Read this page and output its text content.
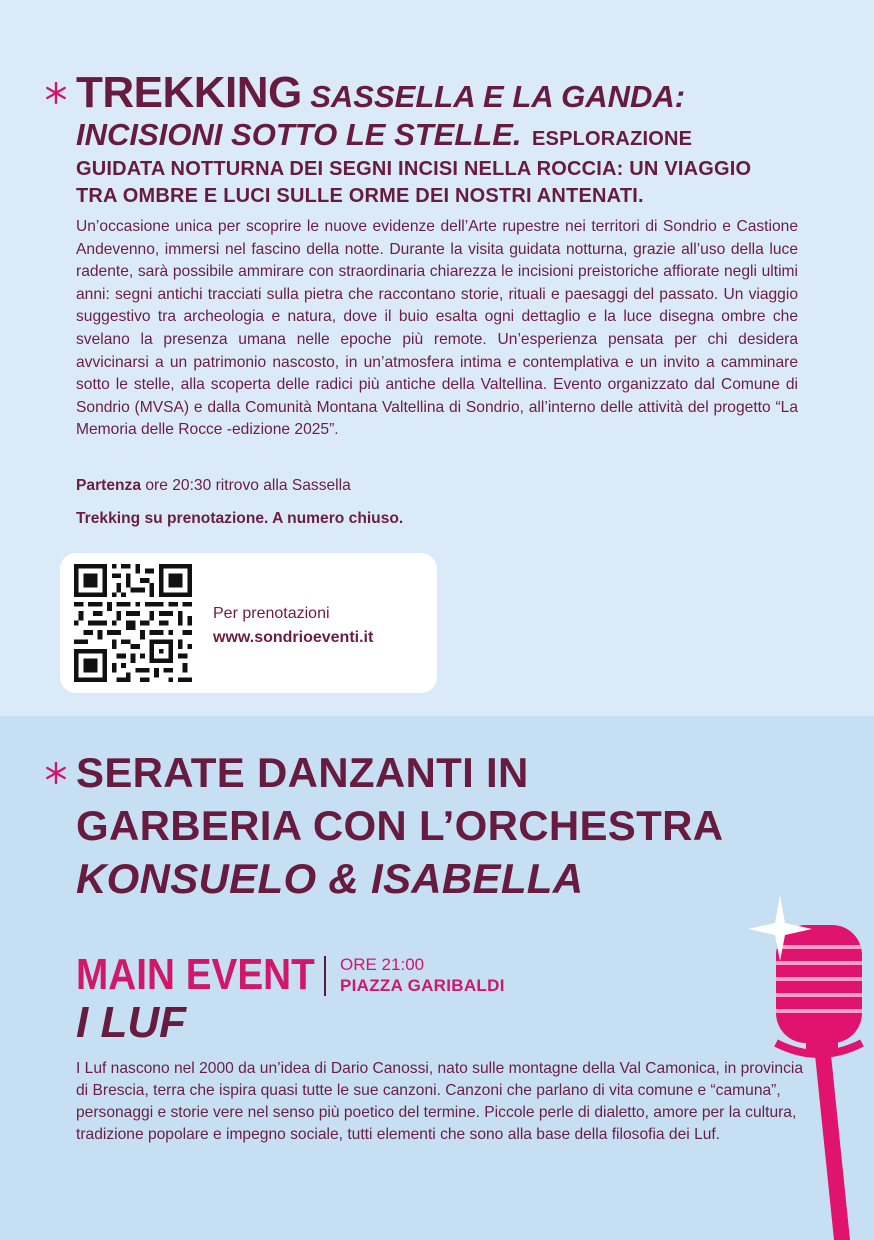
TREKKING SASSELLA E LA GANDA:
INCISIONI SOTTO LE STELLE. ESPLORAZIONE
GUIDATA NOTTURNA DEI SEGNI INCISI NELLA ROCCIA: UN VIAGGIO
TRA OMBRE E LUCI SULLE ORME DEI NOSTRI ANTENATI.
Un’occasione unica per scoprire le nuove evidenze dell’Arte rupestre nei territori di Sondrio e Castione Andevenno, immersi nel fascino della notte. Durante la visita guidata notturna, grazie all’uso della luce radente, sarà possibile ammirare con straordinaria chiarezza le incisioni preistoriche affiorate negli ultimi anni: segni antichi tracciati sulla pietra che raccontano storie, rituali e paesaggi del passato. Un viaggio suggestivo tra archeologia e natura, dove il buio esalta ogni dettaglio e la luce disegna ombre che svelano la presenza umana nelle epoche più remote. Un’esperienza pensata per chi desidera avvicinarsi a un patrimonio nascosto, in un’atmosfera intima e contemplativa e un invito a camminare sotto le stelle, alla scoperta delle radici più antiche della Valtellina. Evento organizzato dal Comune di Sondrio (MVSA) e dalla Comunità Montana Valtellina di Sondrio, all’interno delle attività del progetto “La Memoria delle Rocce -edizione 2025”.
Partenza ore 20:30 ritrovo alla Sassella
Trekking su prenotazione. A numero chiuso.
Per prenotazioni
www.sondrioeventi.it
SERATE DANZANTI IN
GARBERIA CON L’ORCHESTRA
KONSUELO & ISABELLA
MAIN EVENT ORE 21:00
PIAZZA GARIBALDI
I LUF
I Luf nascono nel 2000 da un’idea di Dario Canossi, nato sulle montagne della Val Camonica, in provincia di Brescia, terra che ispira quasi tutte le sue canzoni. Canzoni che parlano di vita comune e “camuna”, personaggi e storie vere nel senso più poetico del termine. Piccole perle di dialetto, amore per la cultura, tradizione popolare e impegno sociale, tutti elementi che sono alla base della filosofia dei Luf.
